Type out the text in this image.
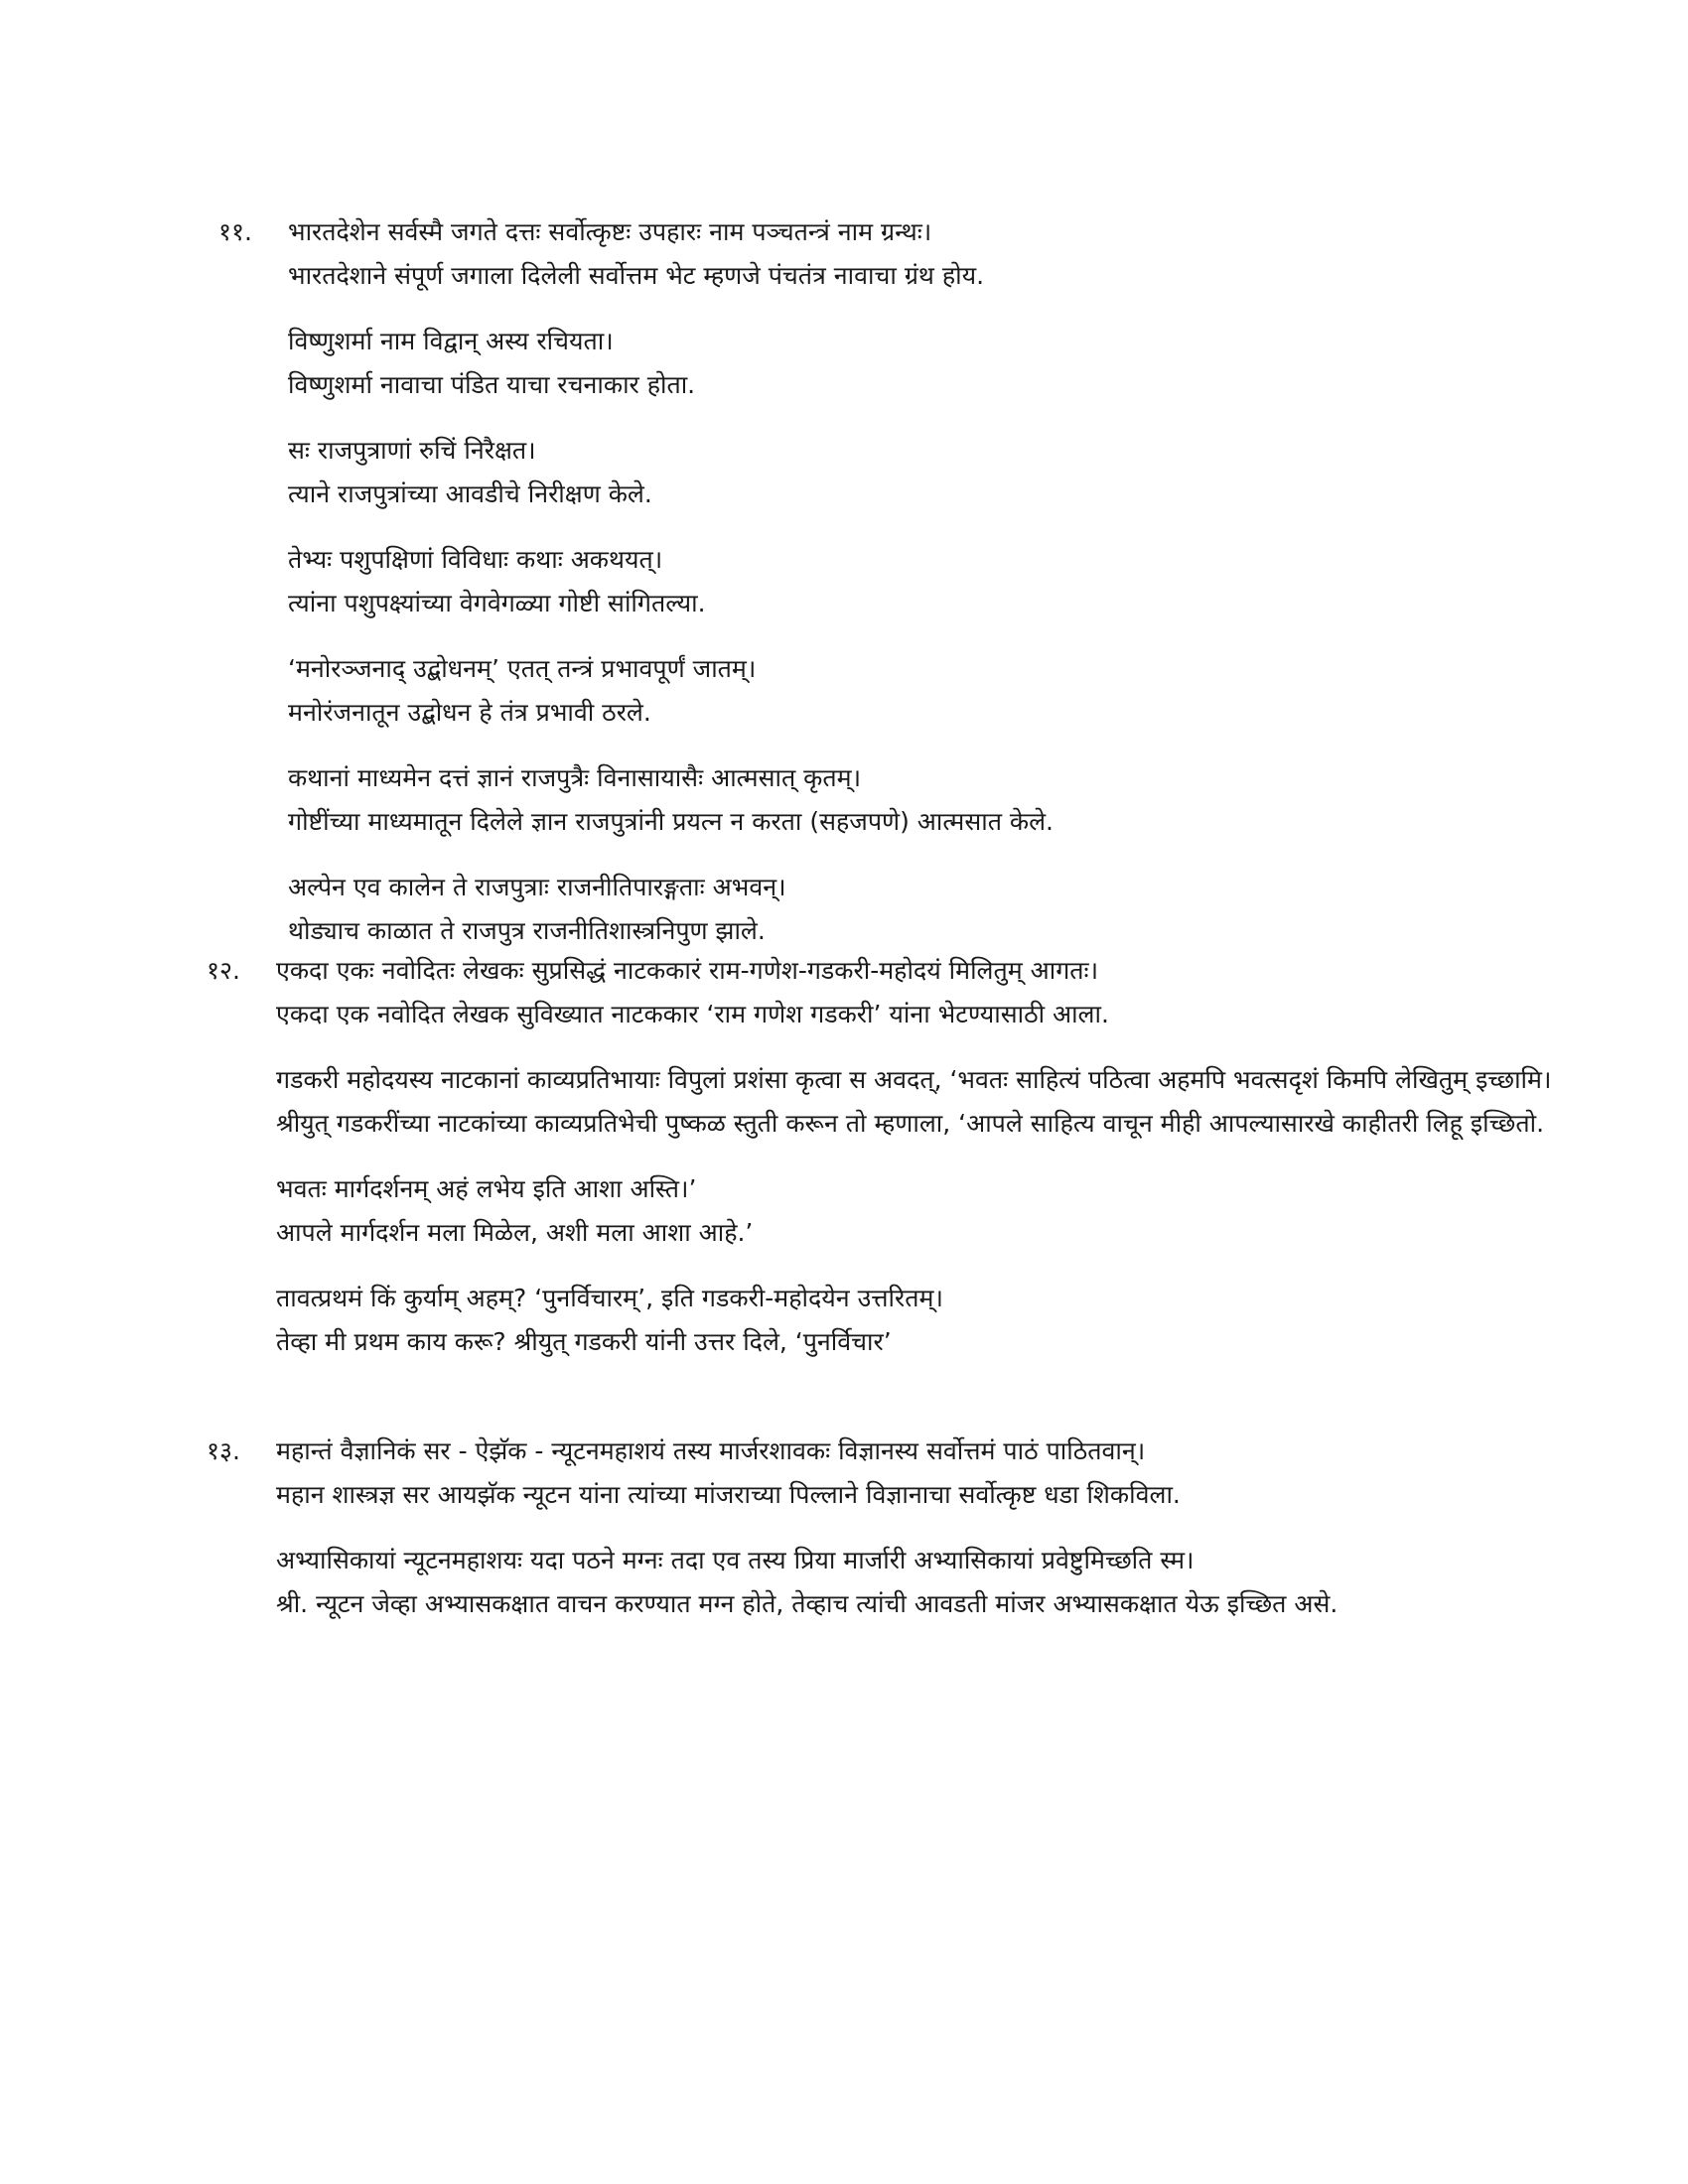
११. भारतदेशेन सर्वस्मै जगते दत्तः सर्वोत्कृष्टः उपहारः नाम पञ्चतन्त्रं नाम ग्रन्थः।
भारतदेशाने संपूर्ण जगाला दिलेली सर्वोत्तम भेट म्हणजे पंचतंत्र नावाचा ग्रंथ होय.
विष्णुशर्मा नाम विद्वान् अस्य रचियता।
विष्णुशर्मा नावाचा पंडित याचा रचनाकार होता.
सः राजपुत्राणां रुचिं निरैक्षत।
त्याने राजपुत्रांच्या आवडीचे निरीक्षण केले.
तेभ्यः पशुपक्षिणां विविधाः कथाः अकथयत्।
त्यांना पशुपक्ष्यांच्या वेगवेगळ्या गोष्टी सांगितल्या.
‘मनोरञ्जनाद् उद्बोधनम्’ एतत् तन्त्रं प्रभावपूर्णं जातम्।
मनोरंजनातून उद्बोधन हे तंत्र प्रभावी ठरले.
कथानां माध्यमेन दत्तं ज्ञानं राजपुत्रैः विनासायासैः आत्मसात् कृतम्।
गोष्टींच्या माध्यमातून दिलेले ज्ञान राजपुत्रांनी प्रयत्न न करता (सहजपणे) आत्मसात केले.
अल्पेन एव कालेन ते राजपुत्राः राजनीतिपारङ्गताः अभवन्।
थोड्याच काळात ते राजपुत्र राजनीतिशास्त्रनिपुण झाले.
१२. एकदा एकः नवोदितः लेखकः सुप्रसिद्धं नाटककारं राम-गणेश-गडकरी-महोदयं मिलितुम् आगतः।
एकदा एक नवोदित लेखक सुविख्यात नाटककार ‘राम गणेश गडकरी’ यांना भेटण्यासाठी आला.
गडकरी महोदयस्य नाटकानां काव्यप्रतिभायाः विपुलां प्रशंसा कृत्वा स अवदत्, ‘भवतः साहित्यं पठित्वा अहमपि भवत्सदृशं किमपि लेखितुम् इच्छामि।
श्रीयुत् गडकरींच्या नाटकांच्या काव्यप्रतिभेची पुष्कळ स्तुती करून तो म्हणाला, ‘आपले साहित्य वाचून मीही आपल्यासारखे काहीतरी लिहू इच्छितो.
भवतः मार्गदर्शनम् अहं लभेय इति आशा अस्ति।’
आपले मार्गदर्शन मला मिळेल, अशी मला आशा आहे.’
तावत्प्रथमं किं कुर्याम् अहम्? ‘पुनर्विचारम्’, इति गडकरी-महोदयेन उत्तरितम्।
तेव्हा मी प्रथम काय करू? श्रीयुत् गडकरी यांनी उत्तर दिले, ‘पुनर्विचार’
१३. महान्तं वैज्ञानिकं सर - ऐझॅक - न्यूटनमहाशयं तस्य मार्जरशावकः विज्ञानस्य सर्वोत्तमं पाठं पाठितवान्।
महान शास्त्रज्ञ सर आयझॅक न्यूटन यांना त्यांच्या मांजराच्या पिल्लाने विज्ञानाचा सर्वोत्कृष्ट धडा शिकविला.
अभ्यासिकायां न्यूटनमहाशयः यदा पठने मग्नः तदा एव तस्य प्रिया मार्जारी अभ्यासिकायां प्रवेष्टुमिच्छति स्म।
श्री. न्यूटन जेव्हा अभ्यासकक्षात वाचन करण्यात मग्न होते, तेव्हाच त्यांची आवडती मांजर अभ्यासकक्षात येऊ इच्छित असे.
